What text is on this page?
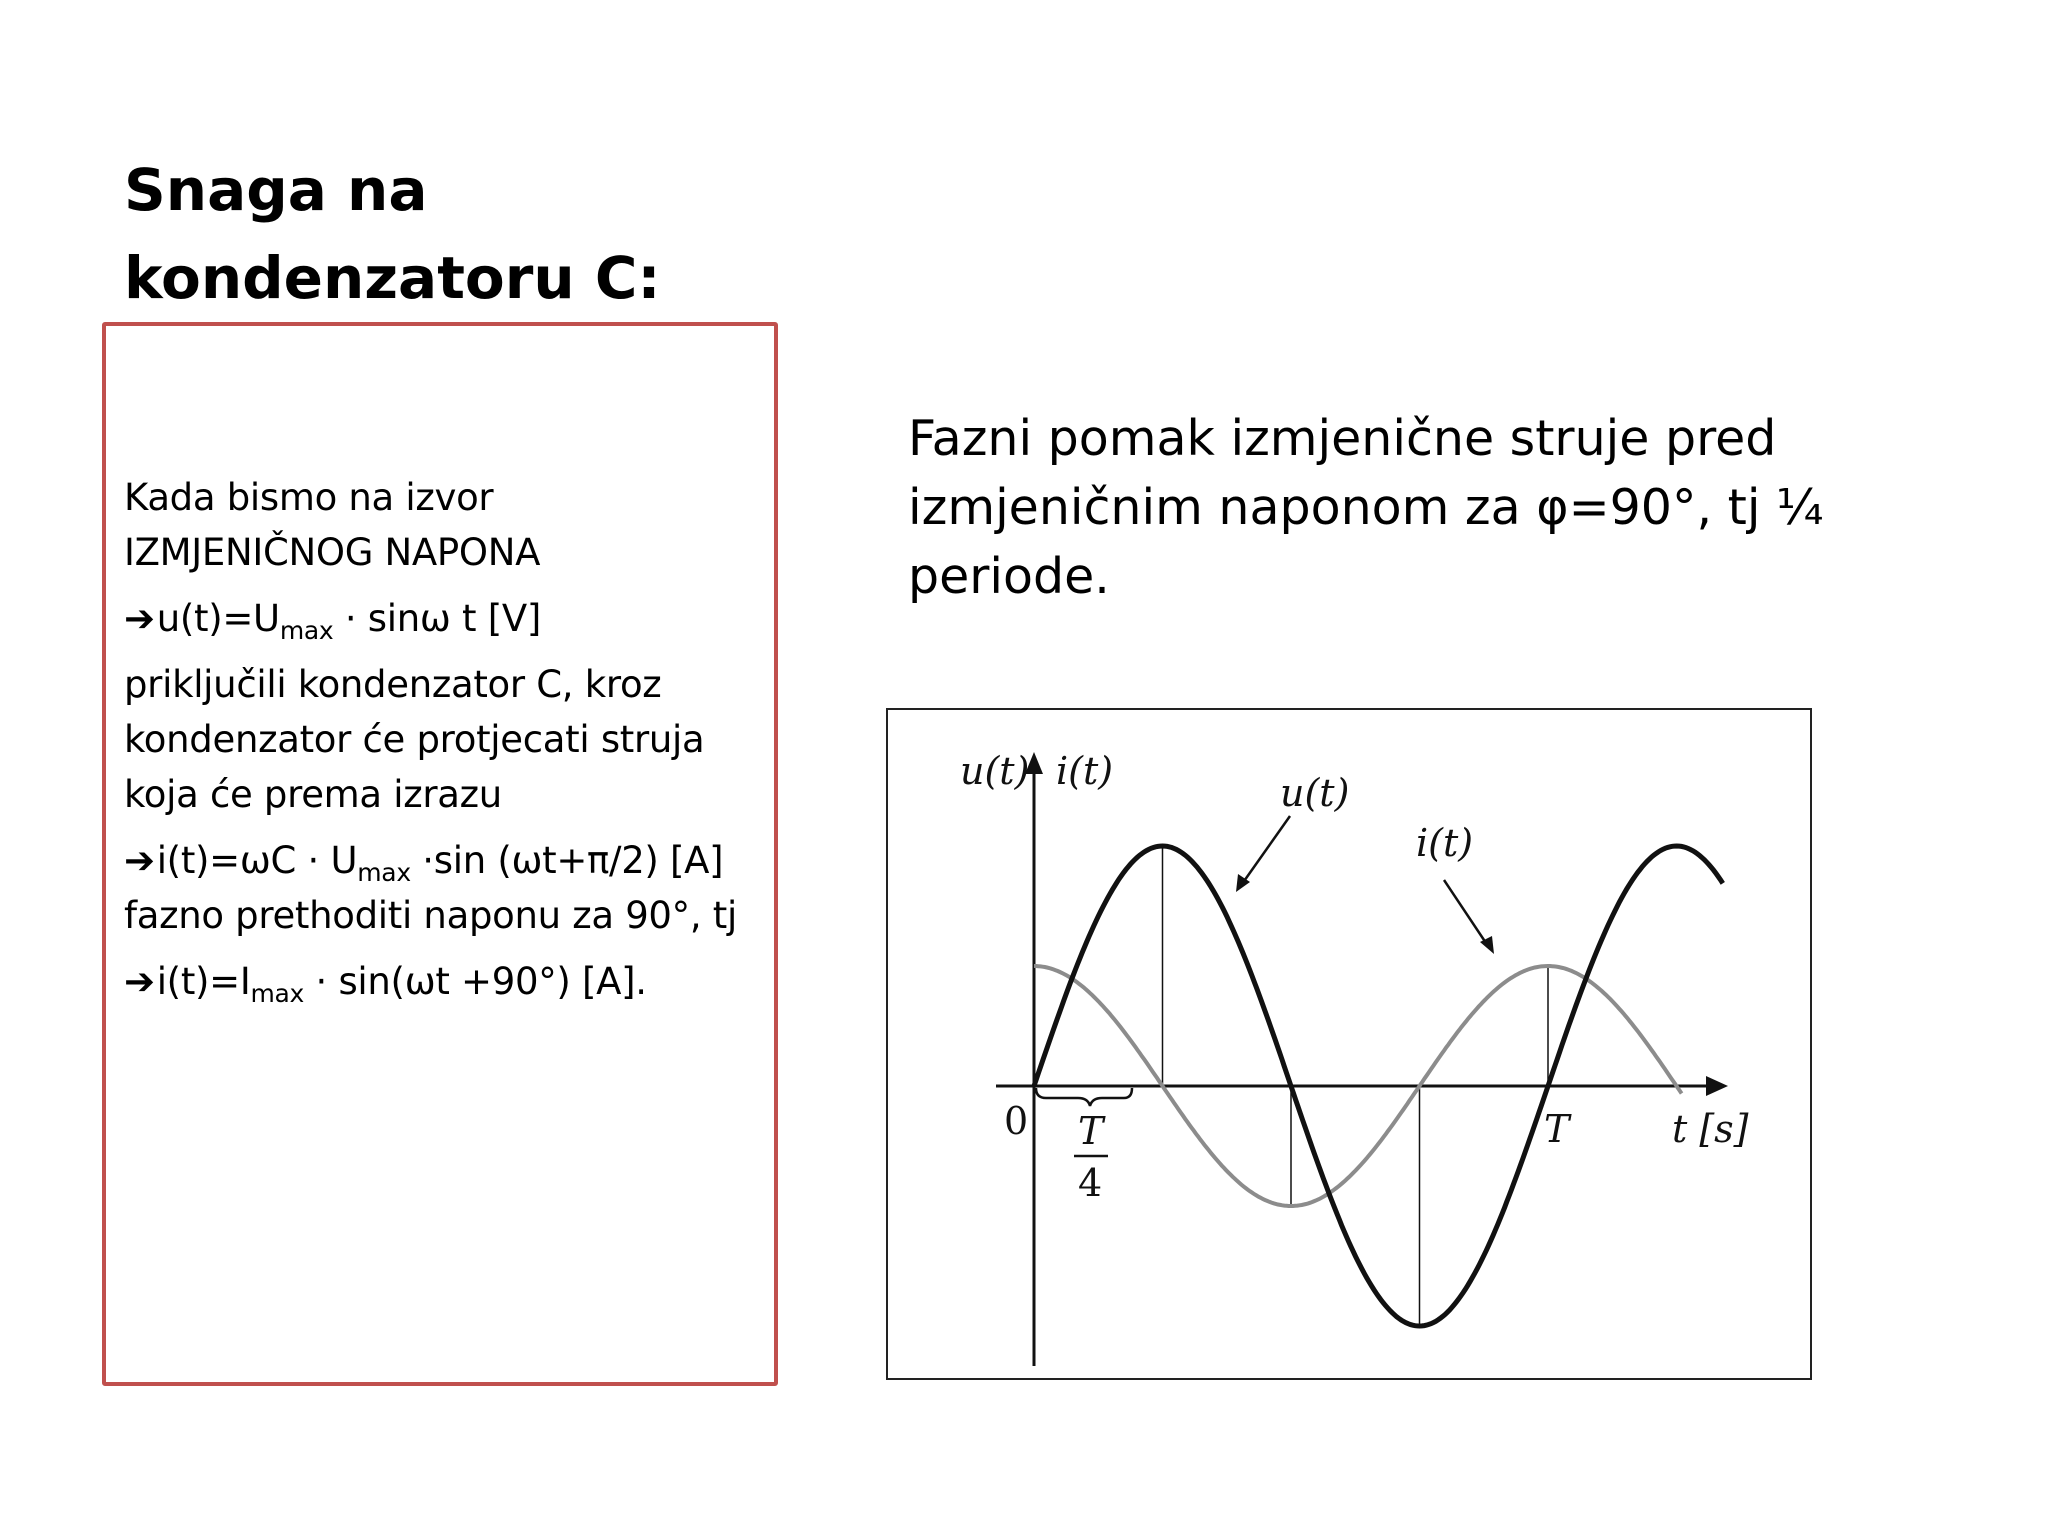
Snaga na
kondenzatoru C:
Kada bismo na izvor
IZMJENIČNOG NAPONA
$➔u(t)=U_{max} \cdot \sin\omega$ t [V]
priključili kondenzator C, kroz
kondenzator će protjecati struja
koja će prema izrazu
➔i(t)=ωC · $U_{max} \cdot\sin$ (ωt+π/2) [A]
fazno prethoditi naponu za 90°, tj
$➔i(t)=I_{max} \cdot \sin(\omega t +90^\circ)$ [A].
Fazni pomak izmjenične struje pred
izmjeničnim naponom za φ=90°, tj ¼
periode.
u(t) i(t)	u(t)
i(t)
0 T
4
T	t [s]
